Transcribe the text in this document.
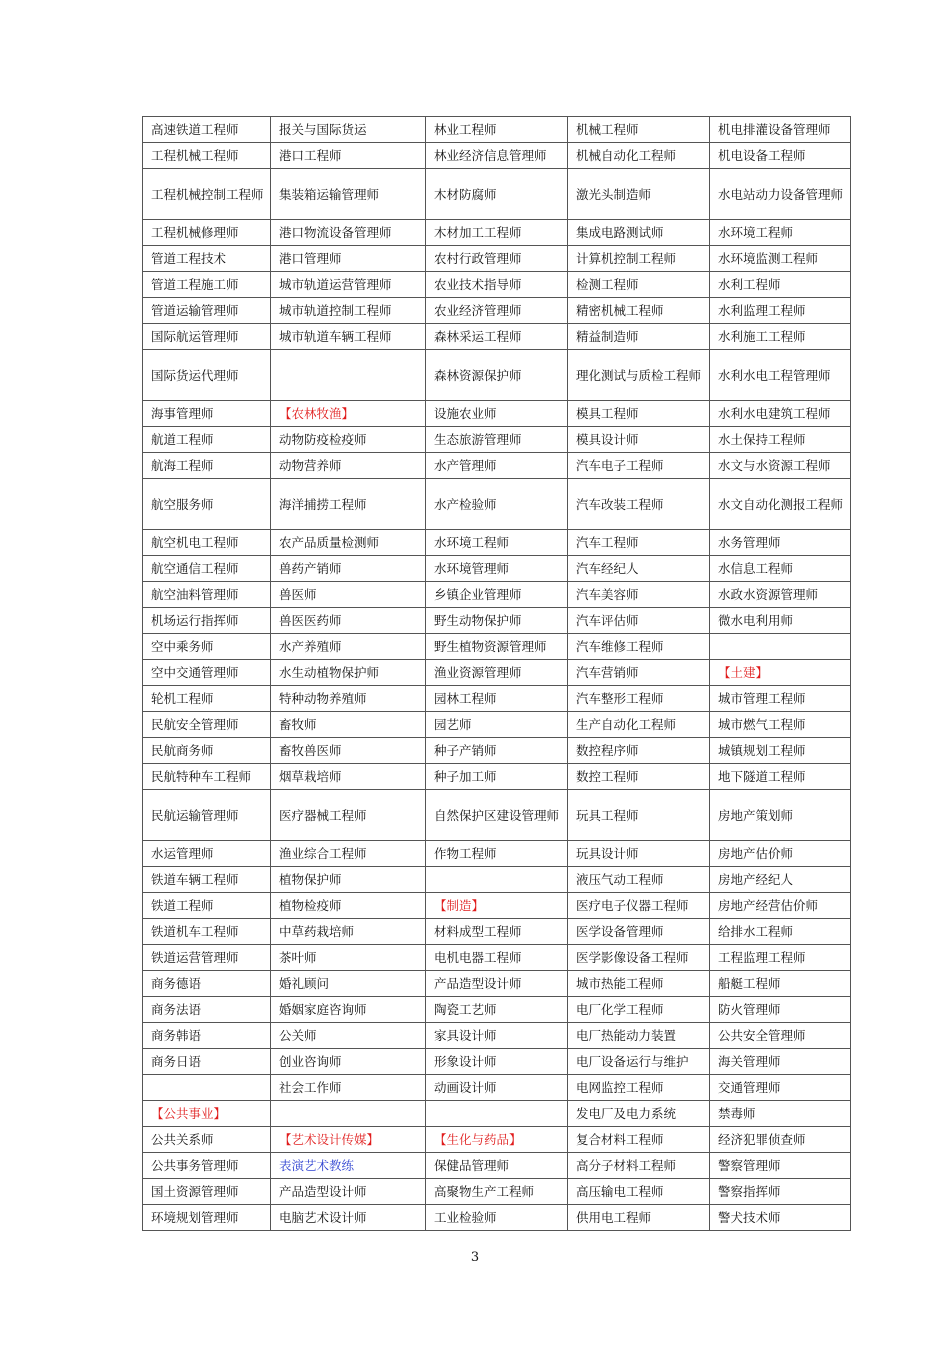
高速铁道工程师	报关与国际货运	林业工程师	机械工程师	机电排灌设备管理师
工程机械工程师	港口工程师	林业经济信息管理师	机械自动化工程师	机电设备工程师
工程机械控制工程师	集装箱运输管理师	木材防腐师	激光头制造师	水电站动力设备管理师
工程机械修理师	港口物流设备管理师	木材加工工程师	集成电路测试师	水环境工程师
管道工程技术	港口管理师	农村行政管理师	计算机控制工程师	水环境监测工程师
管道工程施工师	城市轨道运营管理师	农业技术指导师	检测工程师	水利工程师
管道运输管理师	城市轨道控制工程师	农业经济管理师	精密机械工程师	水利监理工程师
国际航运管理师	城市轨道车辆工程师	森林采运工程师	精益制造师	水利施工工程师
国际货运代理师		森林资源保护师	理化测试与质检工程师	水利水电工程管理师
海事管理师	【农林牧渔】	设施农业师	模具工程师	水利水电建筑工程师
航道工程师	动物防疫检疫师	生态旅游管理师	模具设计师	水土保持工程师
航海工程师	动物营养师	水产管理师	汽车电子工程师	水文与水资源工程师
航空服务师	海洋捕捞工程师	水产检验师	汽车改装工程师	水文自动化测报工程师
航空机电工程师	农产品质量检测师	水环境工程师	汽车工程师	水务管理师
航空通信工程师	兽药产销师	水环境管理师	汽车经纪人	水信息工程师
航空油料管理师	兽医师	乡镇企业管理师	汽车美容师	水政水资源管理师
机场运行指挥师	兽医医药师	野生动物保护师	汽车评估师	微水电利用师
空中乘务师	水产养殖师	野生植物资源管理师	汽车维修工程师	
空中交通管理师	水生动植物保护师	渔业资源管理师	汽车营销师	【土建】
轮机工程师	特种动物养殖师	园林工程师	汽车整形工程师	城市管理工程师
民航安全管理师	畜牧师	园艺师	生产自动化工程师	城市燃气工程师
民航商务师	畜牧兽医师	种子产销师	数控程序师	城镇规划工程师
民航特种车工程师	烟草栽培师	种子加工师	数控工程师	地下隧道工程师
民航运输管理师	医疗器械工程师	自然保护区建设管理师	玩具工程师	房地产策划师
水运管理师	渔业综合工程师	作物工程师	玩具设计师	房地产估价师
铁道车辆工程师	植物保护师		液压气动工程师	房地产经纪人
铁道工程师	植物检疫师	【制造】	医疗电子仪器工程师	房地产经营估价师
铁道机车工程师	中草药栽培师	材料成型工程师	医学设备管理师	给排水工程师
铁道运营管理师	茶叶师	电机电器工程师	医学影像设备工程师	工程监理工程师
商务德语	婚礼顾问	产品造型设计师	城市热能工程师	船艇工程师
商务法语	婚姻家庭咨询师	陶瓷工艺师	电厂化学工程师	防火管理师
商务韩语	公关师	家具设计师	电厂热能动力装置	公共安全管理师
商务日语	创业咨询师	形象设计师	电厂设备运行与维护	海关管理师
	社会工作师	动画设计师	电网监控工程师	交通管理师
【公共事业】			发电厂及电力系统	禁毒师
公共关系师	【艺术设计传媒】	【生化与药品】	复合材料工程师	经济犯罪侦查师
公共事务管理师	表演艺术教练	保健品管理师	高分子材料工程师	警察管理师
国土资源管理师	产品造型设计师	高聚物生产工程师	高压输电工程师	警察指挥师
环境规划管理师	电脑艺术设计师	工业检验师	供用电工程师	警犬技术师
3
